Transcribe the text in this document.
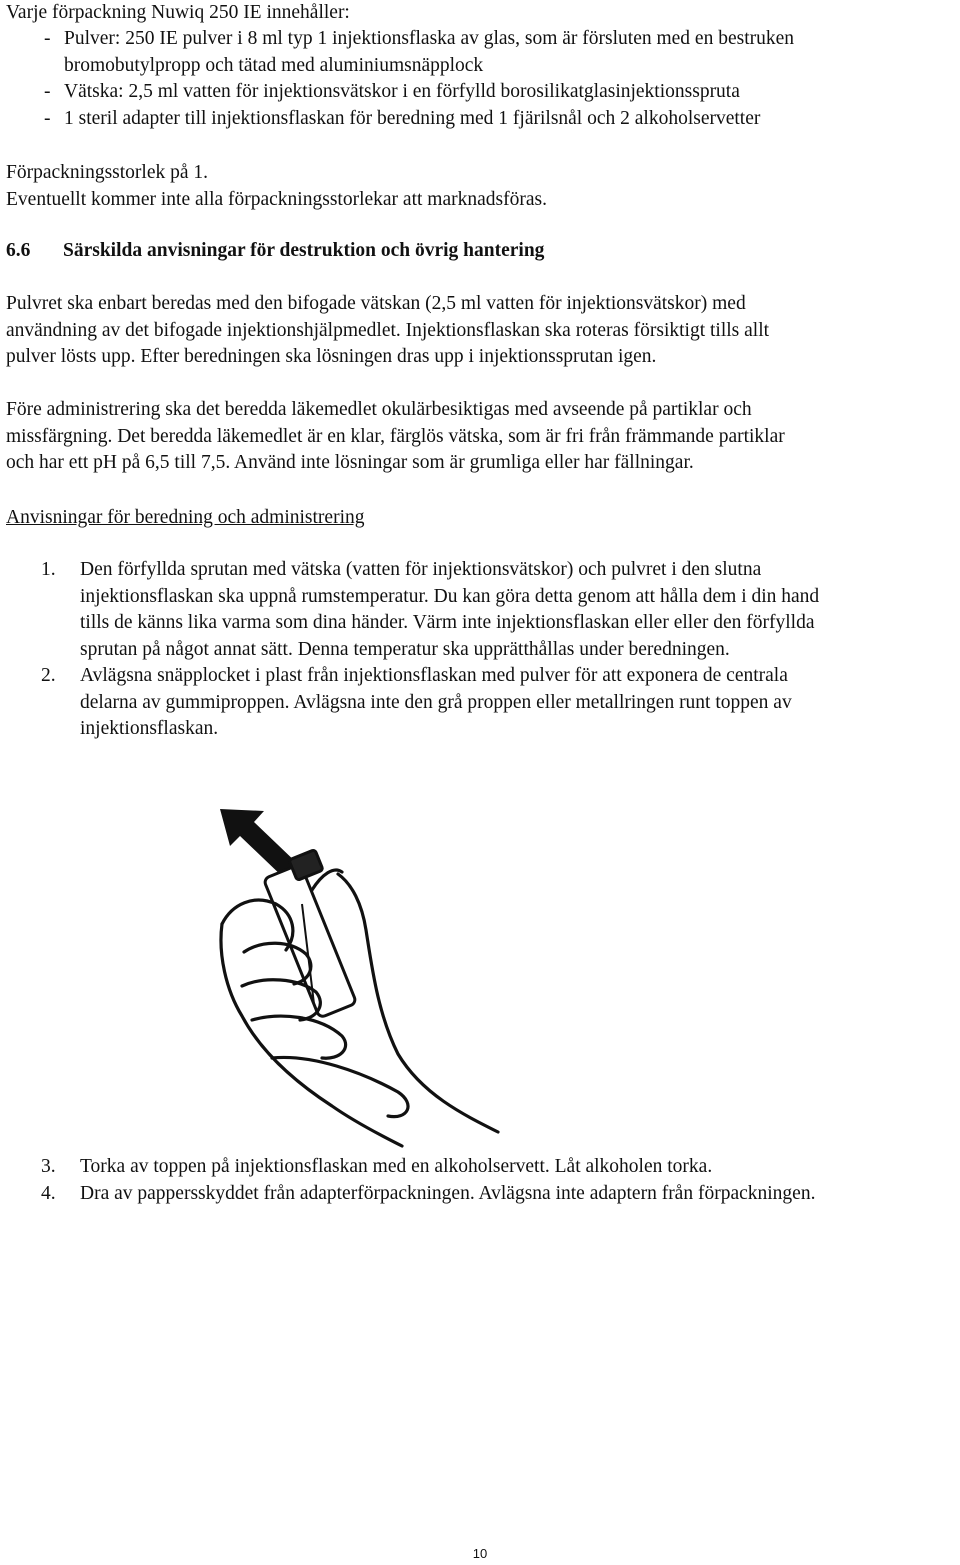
Varje förpackning Nuwiq 250 IE innehåller:
- Pulver: 250 IE pulver i 8 ml typ 1 injektionsflaska av glas, som är försluten med en bestruken
bromobutylpropp och tätad med aluminiumsnäpplock
- Vätska: 2,5 ml vatten för injektionsvätskor i en förfylld borosilikatglasinjektionsspruta
- 1 steril adapter till injektionsflaskan för beredning med 1 fjärilsnål och 2 alkoholservetter
Förpackningsstorlek på 1.
Eventuellt kommer inte alla förpackningsstorlekar att marknadsföras.
6.6 Särskilda anvisningar för destruktion och övrig hantering
Pulvret ska enbart beredas med den bifogade vätskan (2,5 ml vatten för injektionsvätskor) med
användning av det bifogade injektionshjälpmedlet. Injektionsflaskan ska roteras försiktigt tills allt
pulver lösts upp. Efter beredningen ska lösningen dras upp i injektionssprutan igen.
Före administrering ska det beredda läkemedlet okulärbesiktigas med avseende på partiklar och
missfärgning. Det beredda läkemedlet är en klar, färglös vätska, som är fri från främmande partiklar
och har ett pH på 6,5 till 7,5. Använd inte lösningar som är grumliga eller har fällningar.
Anvisningar för beredning och administrering
1.	Den förfyllda sprutan med vätska (vatten för injektionsvätskor) och pulvret i den slutna
injektionsflaskan ska uppnå rumstemperatur. Du kan göra detta genom att hålla dem i din hand
tills de känns lika varma som dina händer. Värm inte injektionsflaskan eller eller den förfyllda
sprutan på något annat sätt. Denna temperatur ska upprätthållas under beredningen.
2.	Avlägsna snäpplocket i plast från injektionsflaskan med pulver för att exponera de centrala
delarna av gummiproppen. Avlägsna inte den grå proppen eller metallringen runt toppen av
injektionsflaskan.
3.	Torka av toppen på injektionsflaskan med en alkoholservett. Låt alkoholen torka.
4.	Dra av pappersskyddet från adapterförpackningen. Avlägsna inte adaptern från förpackningen.
10
